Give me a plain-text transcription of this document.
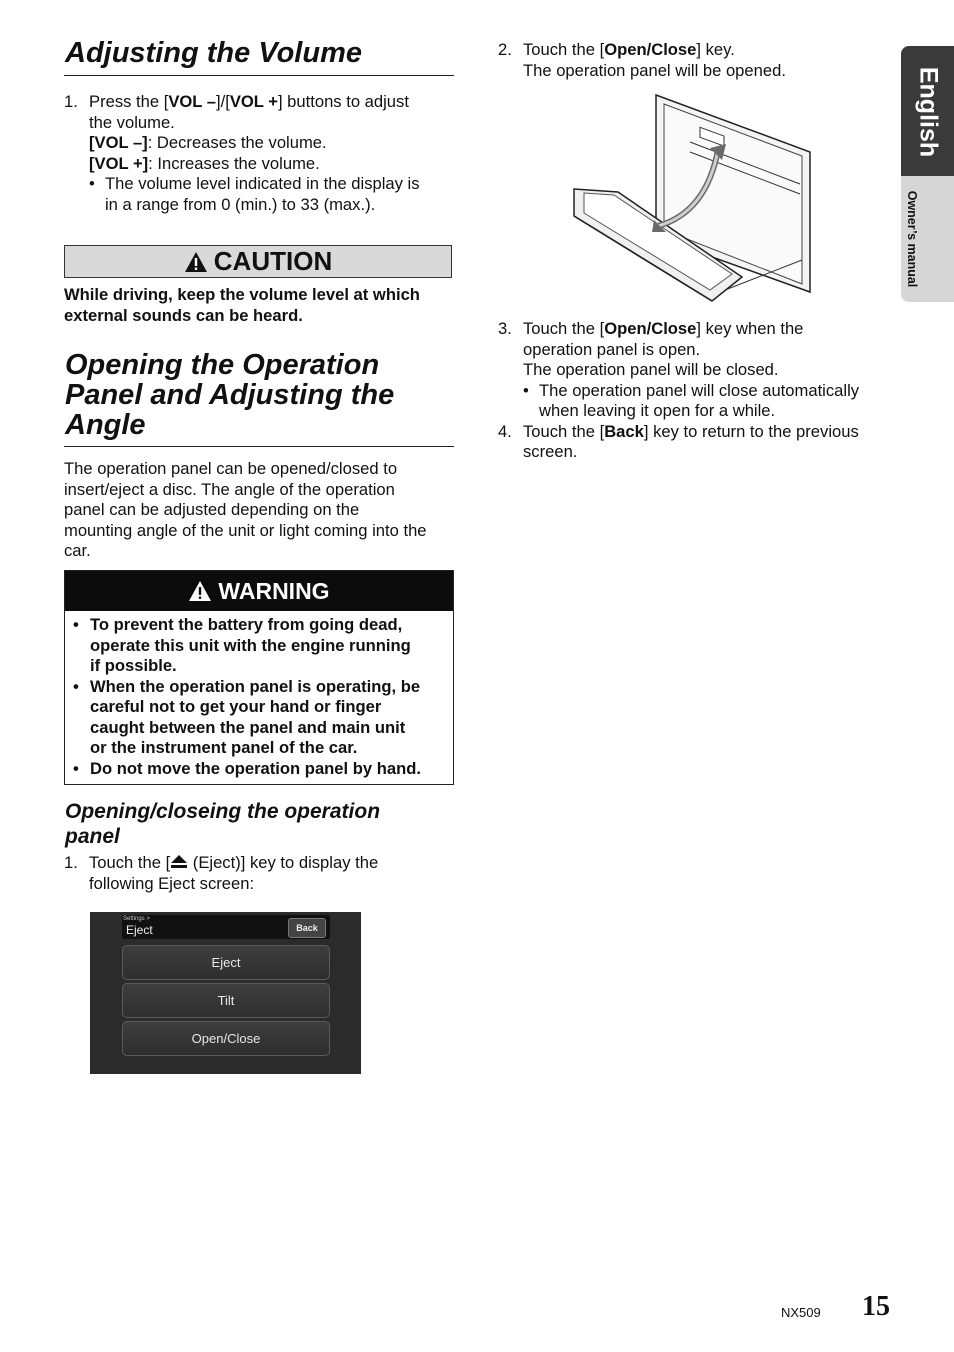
Adjusting the Volume
1. Press the [VOL –]/[VOL +] buttons to adjust
the volume.
[VOL –]: Decreases the volume.
[VOL +]: Increases the volume.
• The volume level indicated in the display is
in a range from 0 (min.) to 33 (max.).
CAUTION
While driving, keep the volume level at which
external sounds can be heard.
Opening the Operation
Panel and Adjusting the
Angle
The operation panel can be opened/closed to
insert/eject a disc. The angle of the operation
panel can be adjusted depending on the
mounting angle of the unit or light coming into the
car.
WARNING
• To prevent the battery from going dead,
operate this unit with the engine running
if possible.
• When the operation panel is operating, be
careful not to get your hand or finger
caught between the panel and main unit
or the instrument panel of the car.
• Do not move the operation panel by hand.
Opening/closeing the operation
panel
1. Touch the [ (Eject)] key to display the
following Eject screen:
Settings >
Eject	Back
Eject
Tilt
Open/Close
2. Touch the [Open/Close] key.
The operation panel will be opened.
3. Touch the [Open/Close] key when the
operation panel is open.
The operation panel will be closed.
• The operation panel will close automatically
when leaving it open for a while.
4. Touch the [Back] key to return to the previous
screen.
English
Owner’s manual
NX509 15
